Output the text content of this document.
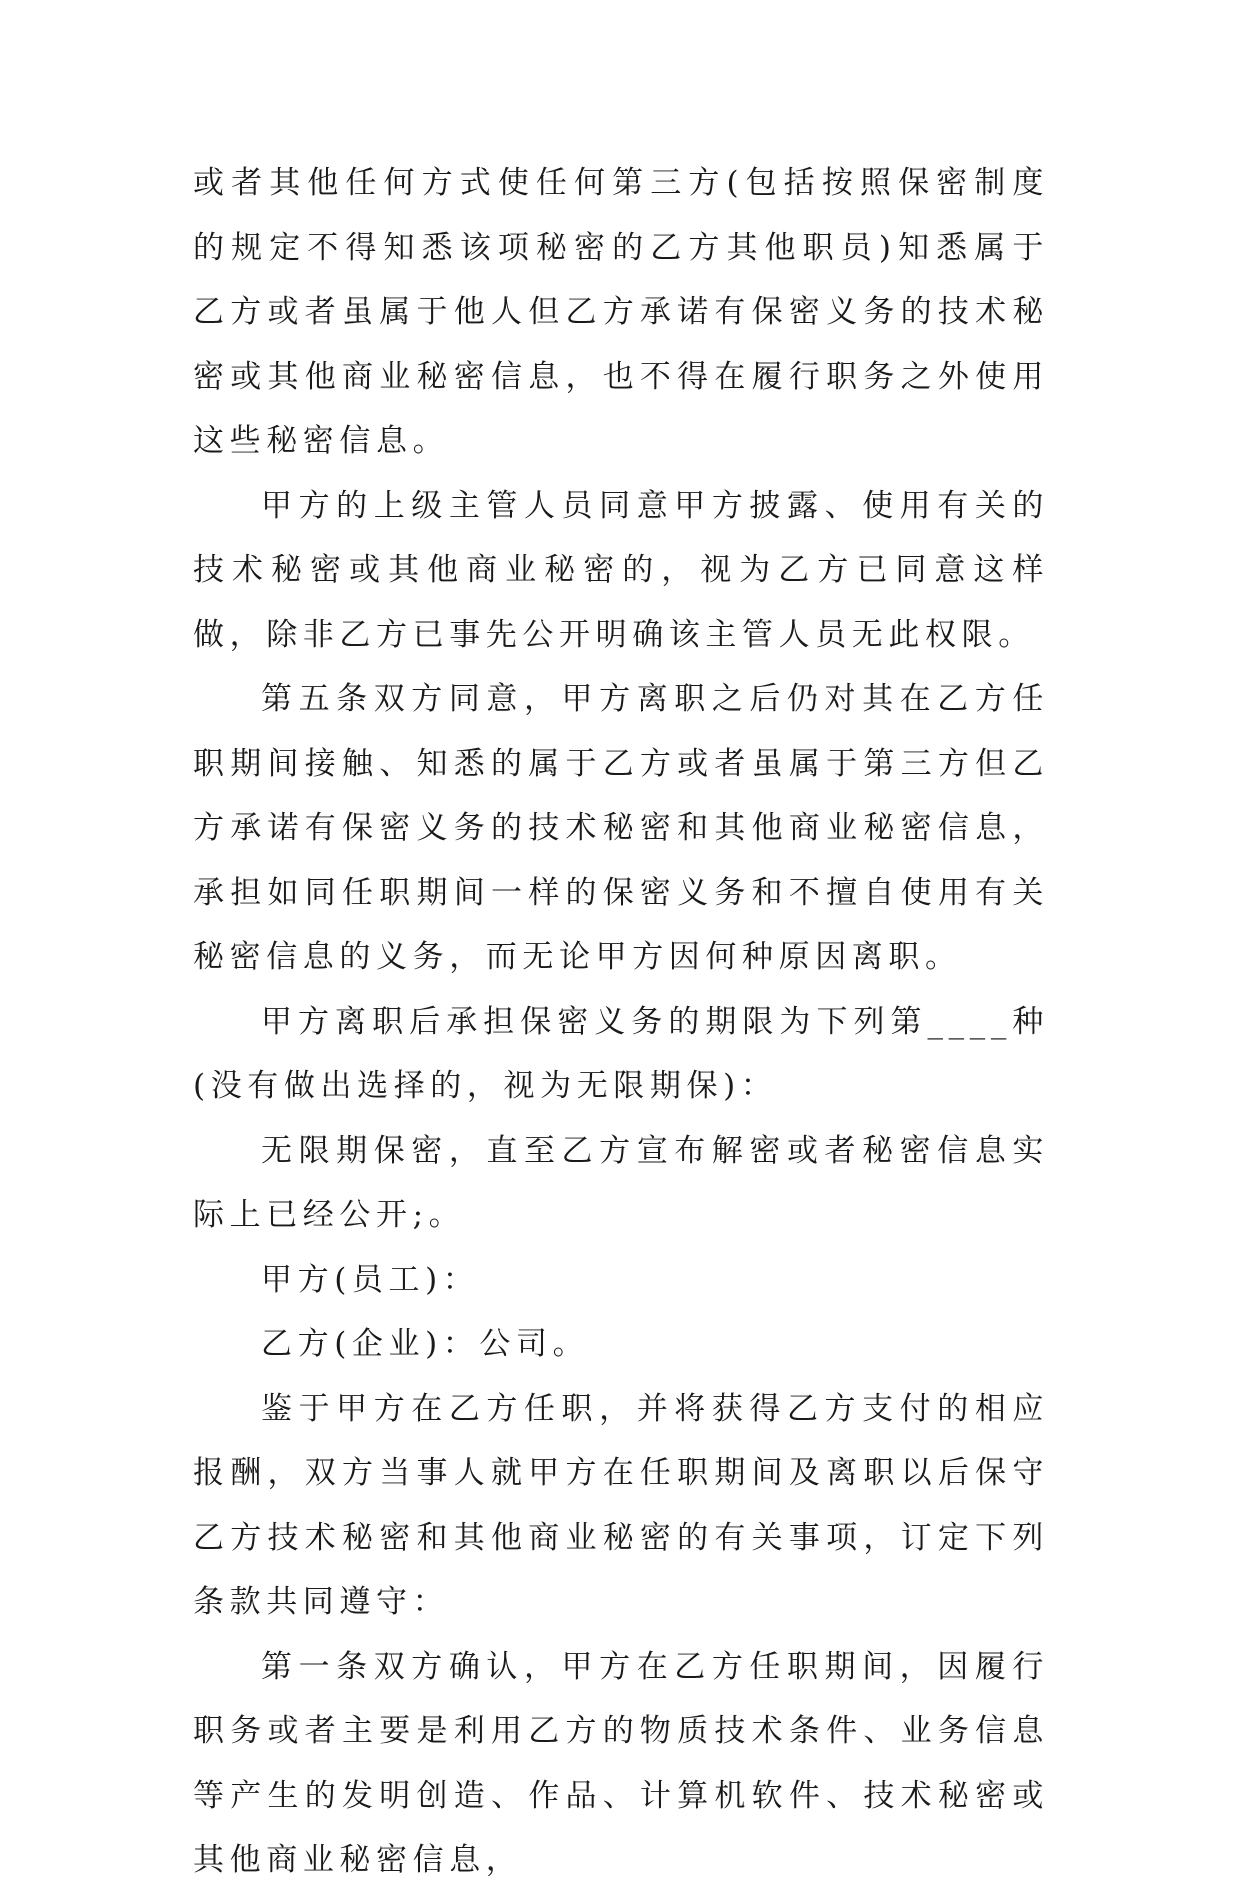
或者其他任何方式使任何第三方(包括按照保密制度的规定不得知悉该项秘密的乙方其他职员)知悉属于乙方或者虽属于他人但乙方承诺有保密义务的技术秘密或其他商业秘密信息，也不得在履行职务之外使用这些秘密信息。

甲方的上级主管人员同意甲方披露、使用有关的技术秘密或其他商业秘密的，视为乙方已同意这样做，除非乙方已事先公开明确该主管人员无此权限。

第五条双方同意，甲方离职之后仍对其在乙方任职期间接触、知悉的属于乙方或者虽属于第三方但乙方承诺有保密义务的技术秘密和其他商业秘密信息，承担如同任职期间一样的保密义务和不擅自使用有关秘密信息的义务，而无论甲方因何种原因离职。

甲方离职后承担保密义务的期限为下列第____种(没有做出选择的，视为无限期保)：

无限期保密，直至乙方宣布解密或者秘密信息实际上已经公开;。

甲方(员工)：

乙方(企业)：公司。

鉴于甲方在乙方任职，并将获得乙方支付的相应报酬，双方当事人就甲方在任职期间及离职以后保守乙方技术秘密和其他商业秘密的有关事项，订定下列条款共同遵守：

第一条双方确认，甲方在乙方任职期间，因履行职务或者主要是利用乙方的物质技术条件、业务信息等产生的发明创造、作品、计算机软件、技术秘密或其他商业秘密信息，
